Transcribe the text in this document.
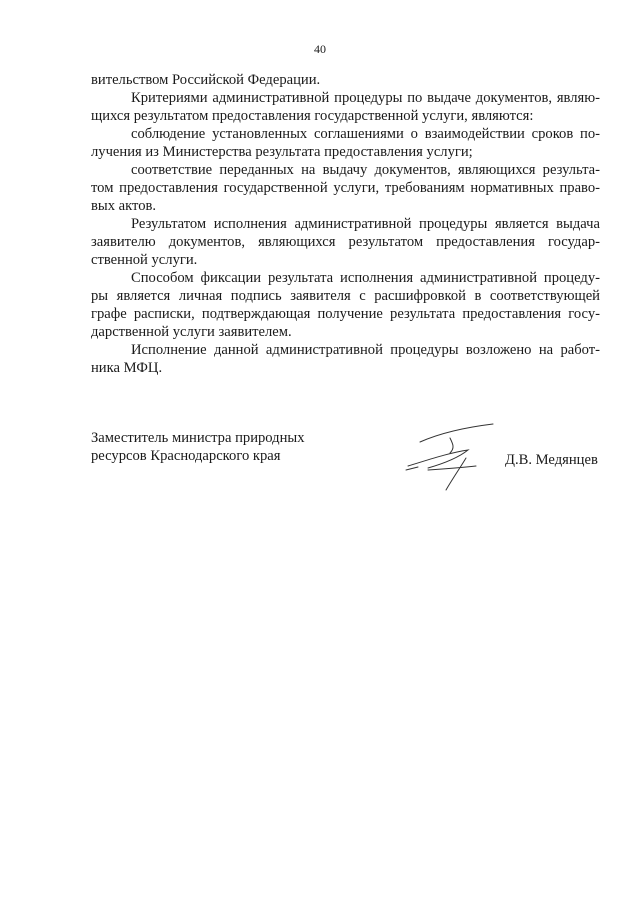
40

вительством Российской Федерации.

Критериями административной процедуры по выдаче документов, являю-

щихся результатом предоставления государственной услуги, являются:

соблюдение установленных соглашениями о взаимодействии сроков по-

лучения из Министерства результата предоставления услуги;

соответствие переданных на выдачу документов, являющихся результа-

том предоставления государственной услуги, требованиям нормативных право-

вых актов.

Результатом исполнения административной процедуры является выдача

заявителю документов, являющихся результатом предоставления государ-

ственной услуги.

Способом фиксации результата исполнения административной процеду-

ры является личная подпись заявителя с расшифровкой в соответствующей

графе расписки, подтверждающая получение результата предоставления госу-

дарственной услуги заявителем.

Исполнение данной административной процедуры возложено на работ-

ника МФЦ.

Заместитель министра природных

ресурсов Краснодарского края	Д.В. Медянцев
